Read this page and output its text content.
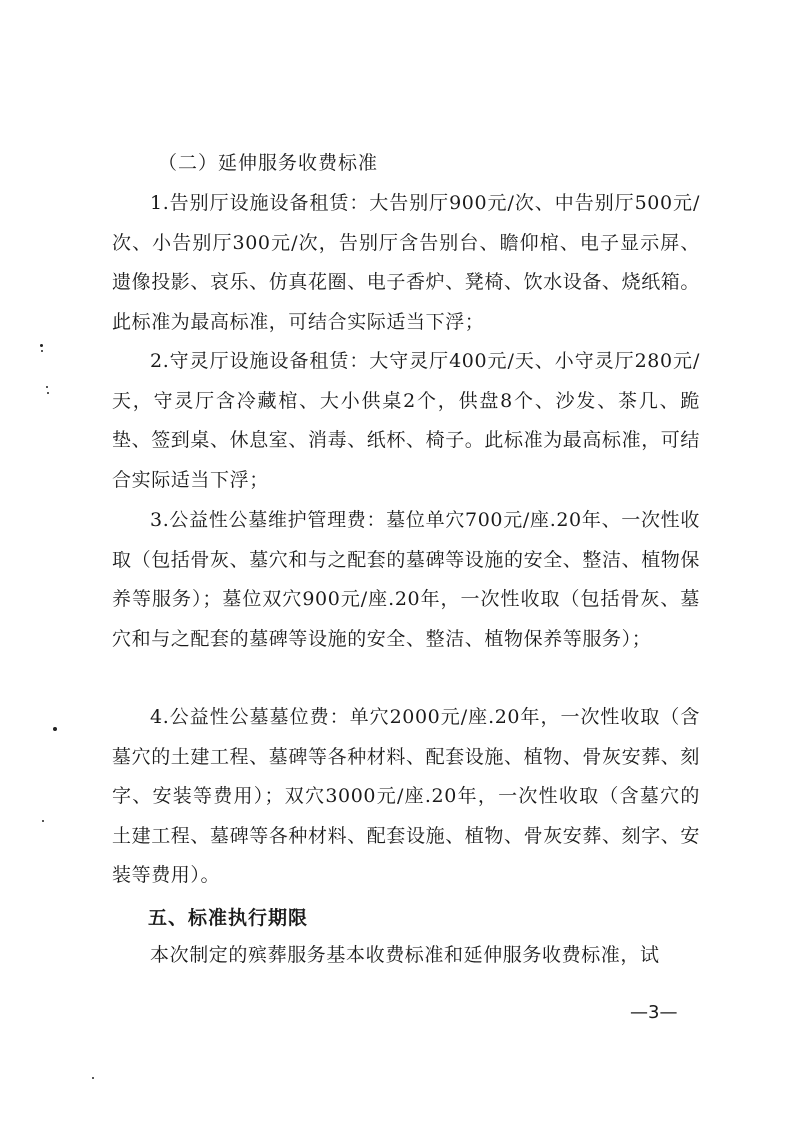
（二）延伸服务收费标准
1.告别厅设施设备租赁：大告别厅900元/次、中告别厅500元/次、小告别厅300元/次，告别厅含告别台、瞻仰棺、电子显示屏、遗像投影、哀乐、仿真花圈、电子香炉、凳椅、饮水设备、烧纸箱。此标准为最高标准，可结合实际适当下浮；
2.守灵厅设施设备租赁：大守灵厅400元/天、小守灵厅280元/天，守灵厅含冷藏棺、大小供桌2个，供盘8个、沙发、茶几、跪垫、签到桌、休息室、消毒、纸杯、椅子。此标准为最高标准，可结合实际适当下浮；
3.公益性公墓维护管理费：墓位单穴700元/座.20年、一次性收取（包括骨灰、墓穴和与之配套的墓碑等设施的安全、整洁、植物保养等服务）；墓位双穴900元/座.20年，一次性收取（包括骨灰、墓穴和与之配套的墓碑等设施的安全、整洁、植物保养等服务）；
4.公益性公墓墓位费：单穴2000元/座.20年，一次性收取（含墓穴的土建工程、墓碑等各种材料、配套设施、植物、骨灰安葬、刻字、安装等费用）；双穴3000元/座.20年，一次性收取（含墓穴的土建工程、墓碑等各种材料、配套设施、植物、骨灰安葬、刻字、安装等费用）。
五、标准执行期限
本次制定的殡葬服务基本收费标准和延伸服务收费标准，试
—3—
